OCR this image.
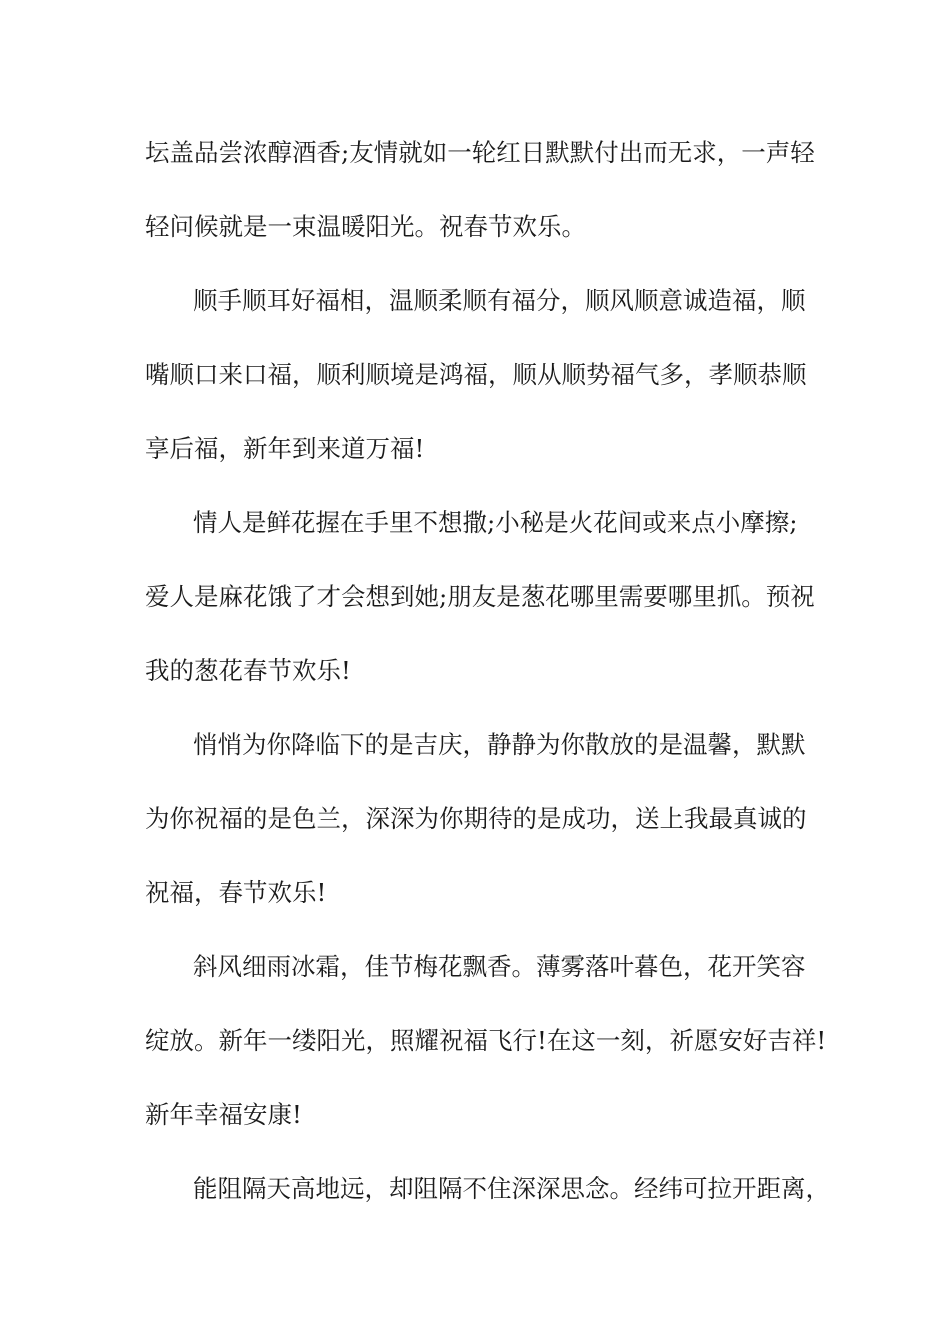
坛盖品尝浓醇酒香;友情就如一轮红日默默付出而无求，一声轻
轻问候就是一束温暖阳光。祝春节欢乐。
顺手顺耳好福相，温顺柔顺有福分，顺风顺意诚造福，顺
嘴顺口来口福，顺利顺境是鸿福，顺从顺势福气多，孝顺恭顺
享后福，新年到来道万福!
情人是鲜花握在手里不想撒;小秘是火花间或来点小摩擦;
爱人是麻花饿了才会想到她;朋友是葱花哪里需要哪里抓。预祝
我的葱花春节欢乐!
悄悄为你降临下的是吉庆，静静为你散放的是温馨，默默
为你祝福的是色兰，深深为你期待的是成功，送上我最真诚的
祝福，春节欢乐!
斜风细雨冰霜，佳节梅花飘香。薄雾落叶暮色，花开笑容
绽放。新年一缕阳光，照耀祝福飞行!在这一刻，祈愿安好吉祥!
新年幸福安康!
能阻隔天高地远，却阻隔不住深深思念。经纬可拉开距离，
